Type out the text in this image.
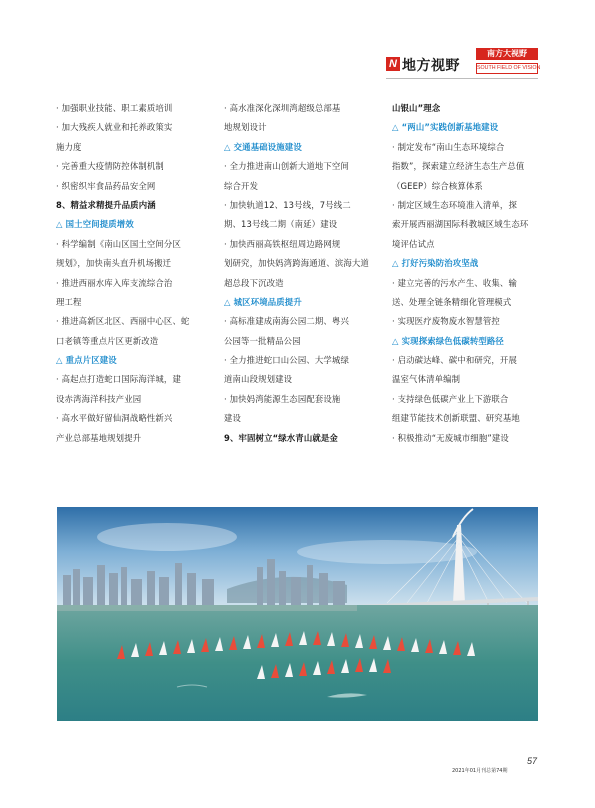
N 地方视野
南方大视野
SOUTH FIELD OF VISION
· 加强职业技能、职工素质培训
· 加大残疾人就业和托养政策实
施力度
· 完善重大疫情防控体制机制
· 织密织牢食品药品安全网
8、精益求精提升品质内涵
△ 国土空间提质增效
· 科学编制《南山区国土空间分区
规划》，加快南头直升机场搬迁
· 推进西丽水库入库支流综合治
理工程
· 推进高新区北区、西丽中心区、蛇
口老镇等重点片区更新改造
△ 重点片区建设
· 高起点打造蛇口国际海洋城，建
设赤湾海洋科技产业园
· 高水平做好留仙洞战略性新兴
产业总部基地规划提升
· 高水准深化深圳湾超级总部基
地规划设计
△ 交通基础设施建设
· 全力推进南山创新大道地下空间
综合开发
· 加快轨道12、13号线，7号线二
期、13号线二期（南延）建设
· 加快西丽高铁枢纽周边路网规
划研究，加快妈湾跨海通道、滨海大道
超总段下沉改造
△ 城区环境品质提升
· 高标准建成南海公园二期、粤兴
公园等一批精品公园
· 全力推进蛇口山公园、大学城绿
道南山段规划建设
· 加快妈湾能源生态园配套设施
建设
9、牢固树立“绿水青山就是金
山银山”理念
△ “两山”实践创新基地建设
· 制定发布“南山生态环境综合
指数”，探索建立经济生态生产总值
（GEEP）综合核算体系
· 制定区域生态环境准入清单，探
索开展西丽湖国际科教城区域生态环
境评估试点
△ 打好污染防治攻坚战
· 建立完善的污水产生、收集、输
送、处理全链条精细化管理模式
· 实现医疗废物废水智慧管控
△ 实现探索绿色低碳转型路径
· 启动碳达峰、碳中和研究，开展
温室气体清单编制
· 支持绿色低碳产业上下游联合
组建节能技术创新联盟、研究基地
· 积极推动“无废城市细胞”建设
57
2021年01月刊总第74期
